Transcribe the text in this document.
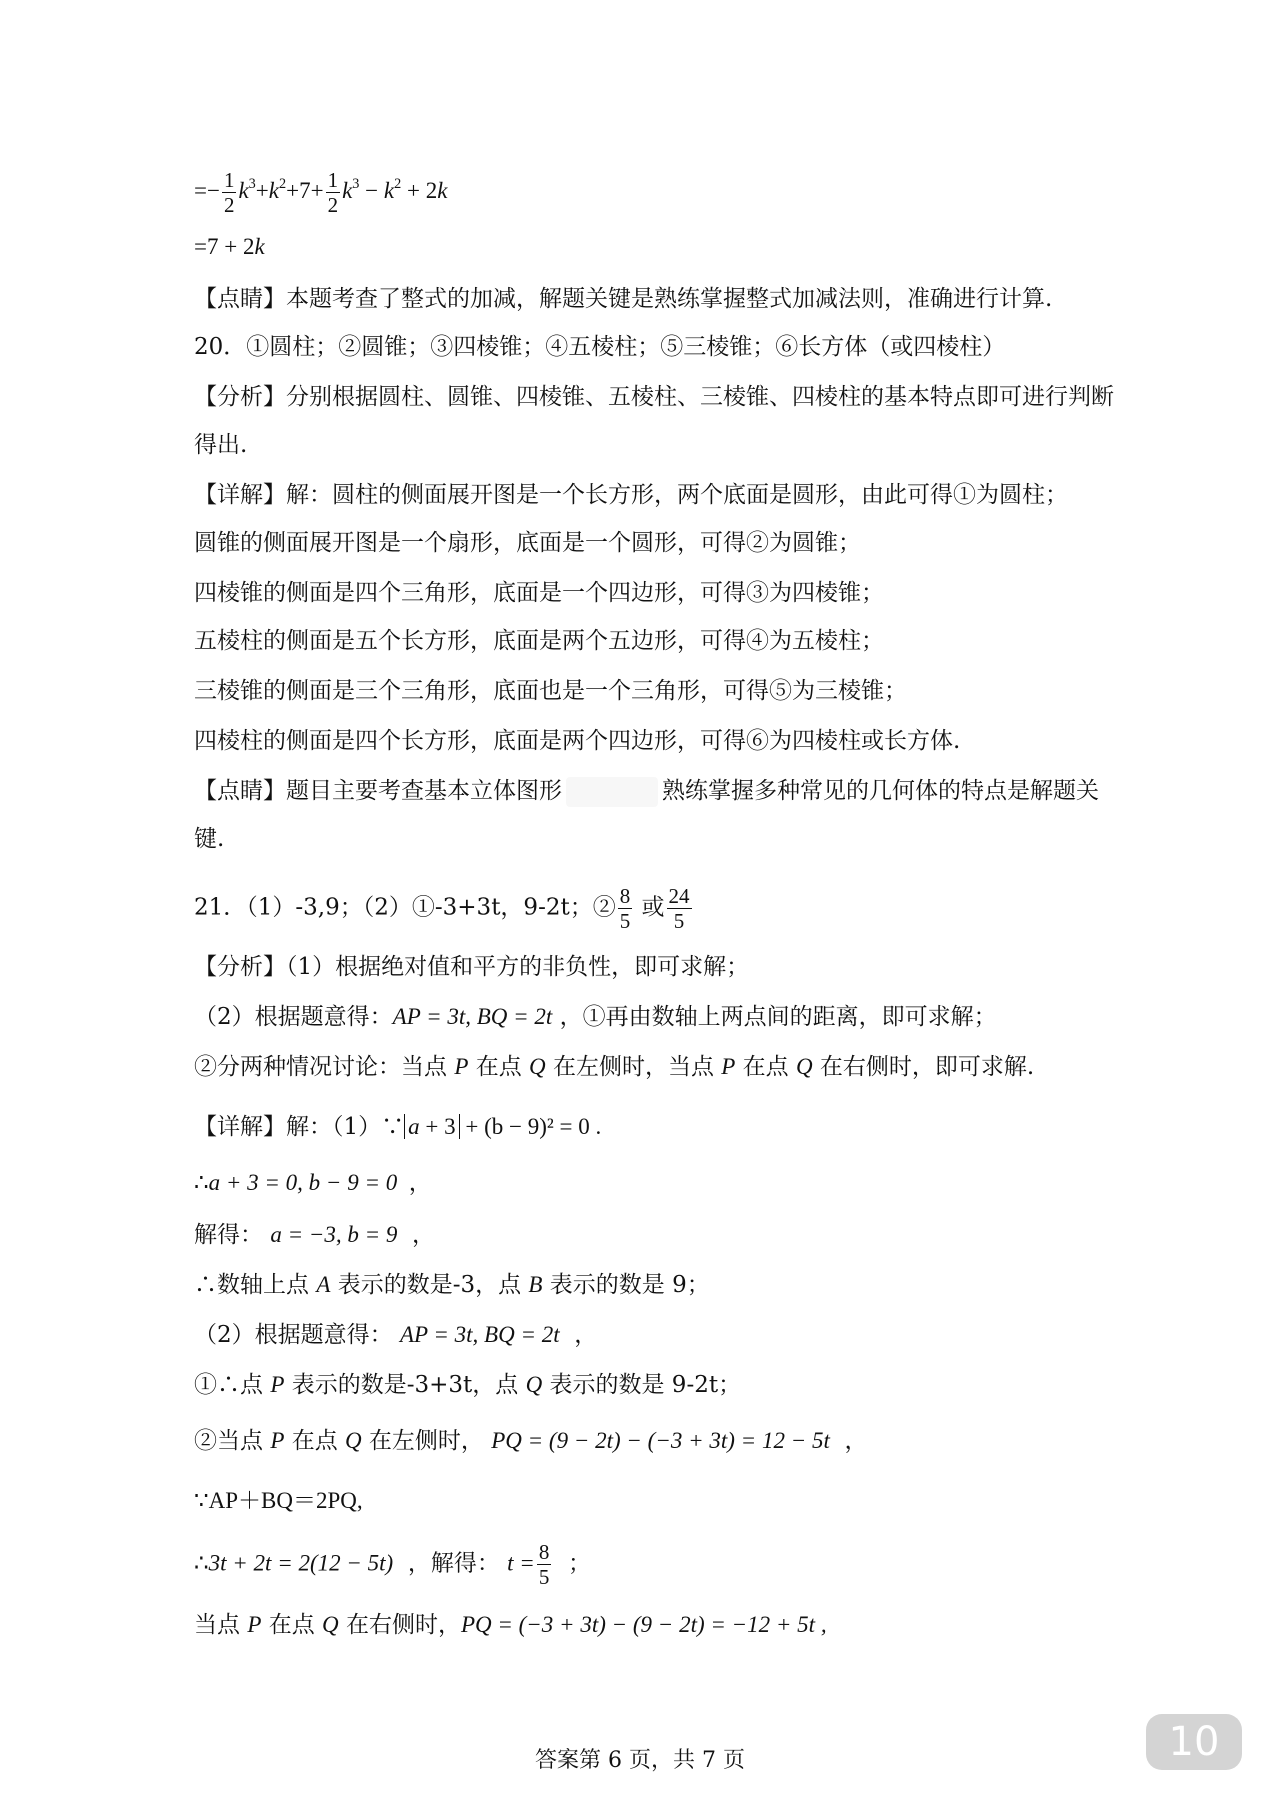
=− $\frac{1}{2} k^3+k^2+7+ \frac{1}{2} k^3 - k^2 + 2k$
=7 + 2k
【点睛】本题考查了整式的加减，解题关键是熟练掌握整式加减法则，准确进行计算.
20．①圆柱；②圆锥；③四棱锥；④五棱柱；⑤三棱锥；⑥长方体（或四棱柱）
【分析】分别根据圆柱、圆锥、四棱锥、五棱柱、三棱锥、四棱柱的基本特点即可进行判断
得出.
【详解】解：圆柱的侧面展开图是一个长方形，两个底面是圆形，由此可得①为圆柱；
圆锥的侧面展开图是一个扇形，底面是一个圆形，可得②为圆锥；
四棱锥的侧面是四个三角形，底面是一个四边形，可得③为四棱锥；
五棱柱的侧面是五个长方形，底面是两个五边形，可得④为五棱柱；
三棱锥的侧面是三个三角形，底面也是一个三角形，可得⑤为三棱锥；
四棱柱的侧面是四个长方形，底面是两个四边形，可得⑥为四棱柱或长方体.
【点睛】题目主要考查基本立体图形	熟练掌握多种常见的几何体的特点是解题关
键.
21．（1）-3,9；（2）①-3+3t，9-2t；② $\frac{8}{5}$ 或 $\frac{24}{5}$
【分析】（1）根据绝对值和平方的非负性，即可求解；
（2）根据题意得：AP = 3t, BQ = 2t ，①再由数轴上两点间的距离，即可求解；
②分两种情况讨论：当点 P 在点 Q 在左侧时，当点 P 在点 Q 在右侧时，即可求解.
【详解】解：（1）∵ a + 3 + (b − 9)² = 0 .
∴a + 3 = 0, b − 9 = 0 ，
解得： a = −3, b = 9 ，
∴数轴上点 A 表示的数是-3，点 B 表示的数是 9；
（2）根据题意得： AP = 3t, BQ = 2t ，
①∴点 P 表示的数是-3+3t，点 Q 表示的数是 9-2t；
②当点 P 在点 Q 在左侧时， PQ = (9 − 2t) − (−3 + 3t) = 12 − 5t ，
∵AP＋BQ＝2PQ,
∴3t + 2t = 2(12 − 5t) ，解得： $t = \frac{8}{5}$ ；
当点 P 在点 Q 在右侧时，PQ = (−3 + 3t) − (9 − 2t) = −12 + 5t ,
答案第 6 页，共 7 页	10
